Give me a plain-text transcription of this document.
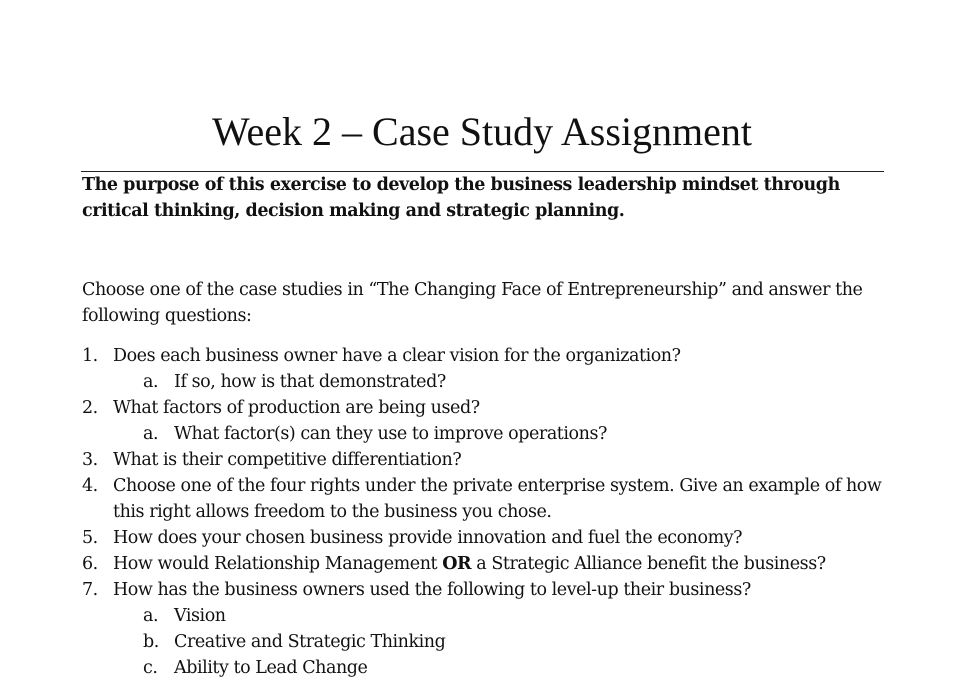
Week 2 – Case Study Assignment
The purpose of this exercise to develop the business leadership mindset through critical thinking, decision making and strategic planning.
Choose one of the case studies in “The Changing Face of Entrepreneurship” and answer the following questions:
1. Does each business owner have a clear vision for the organization?
a. If so, how is that demonstrated?
2. What factors of production are being used?
a. What factor(s) can they use to improve operations?
3. What is their competitive differentiation?
4. Choose one of the four rights under the private enterprise system. Give an example of how this right allows freedom to the business you chose.
5. How does your chosen business provide innovation and fuel the economy?
6. How would Relationship Management OR a Strategic Alliance benefit the business?
7. How has the business owners used the following to level-up their business?
a. Vision
b. Creative and Strategic Thinking
c. Ability to Lead Change
